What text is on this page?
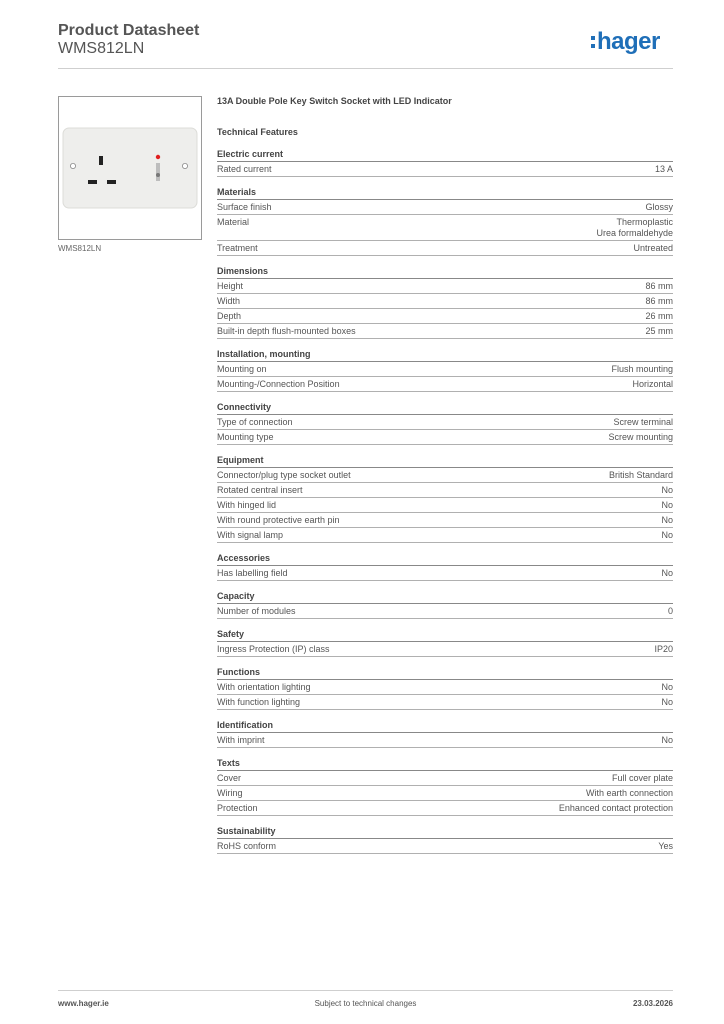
Product Datasheet
WMS812LN	hager
WMS812LN
13A Double Pole Key Switch Socket with LED Indicator
Technical Features
Electric current
Rated current	13 A
Materials
Surface finish	Glossy
Material	Thermoplastic
Urea formaldehyde
Treatment	Untreated
Dimensions
Height	86 mm
Width	86 mm
Depth	26 mm
Built-in depth flush-mounted boxes	25 mm
Installation, mounting
Mounting on	Flush mounting
Mounting-/Connection Position	Horizontal
Connectivity
Type of connection	Screw terminal
Mounting type	Screw mounting
Equipment
Connector/plug type socket outlet	British Standard
Rotated central insert	No
With hinged lid	No
With round protective earth pin	No
With signal lamp	No
Accessories
Has labelling field	No
Capacity
Number of modules	0
Safety
Ingress Protection (IP) class	IP20
Functions
With orientation lighting	No
With function lighting	No
Identification
With imprint	No
Texts
Cover	Full cover plate
Wiring	With earth connection
Protection	Enhanced contact protection
Sustainability
RoHS conform	Yes
www.hager.ie	Subject to technical changes	23.03.2026
